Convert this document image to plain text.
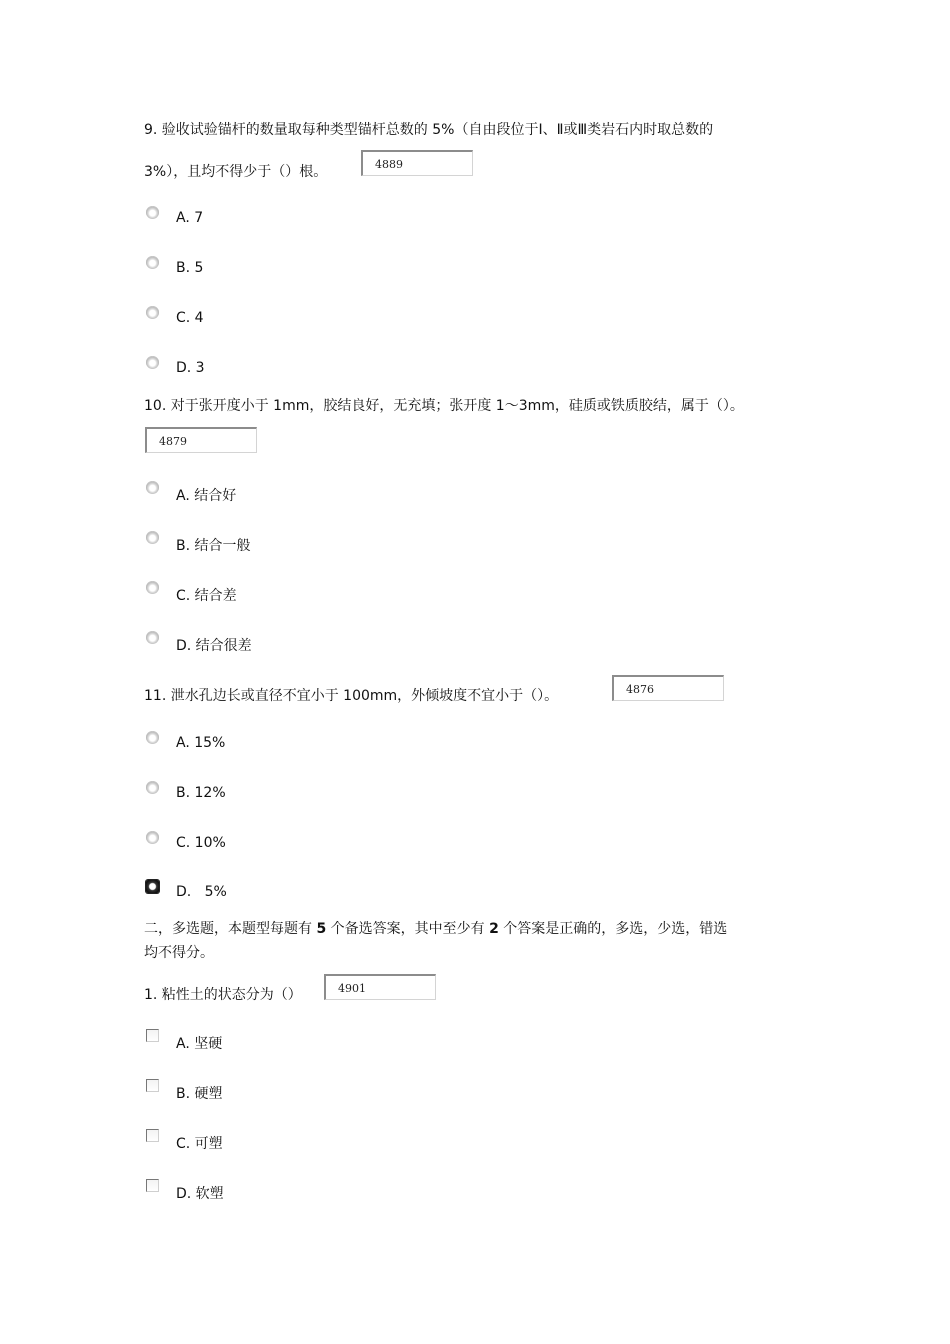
9. 验收试验锚杆的数量取每种类型锚杆总数的 5%（自由段位于Ⅰ、Ⅱ或Ⅲ类岩石内时取总数的
3%），且均不得少于（）根。	4889
A. 7
B. 5
C. 4
D. 3
10. 对于张开度小于 1mm，胶结良好，无充填；张开度 1～3mm，硅质或铁质胶结，属于（）。
4879
A. 结合好
B. 结合一般
C. 结合差
D. 结合很差
11. 泄水孔边长或直径不宜小于 100mm，外倾坡度不宜小于（）。	4876
A. 15%
B. 12%
C. 10%
D.   5%
二，多选题，本题型每题有 5 个备选答案，其中至少有 2 个答案是正确的，多选，少选，错选
均不得分。
1. 粘性土的状态分为（）	4901
A. 坚硬
B. 硬塑
C. 可塑
D. 软塑
